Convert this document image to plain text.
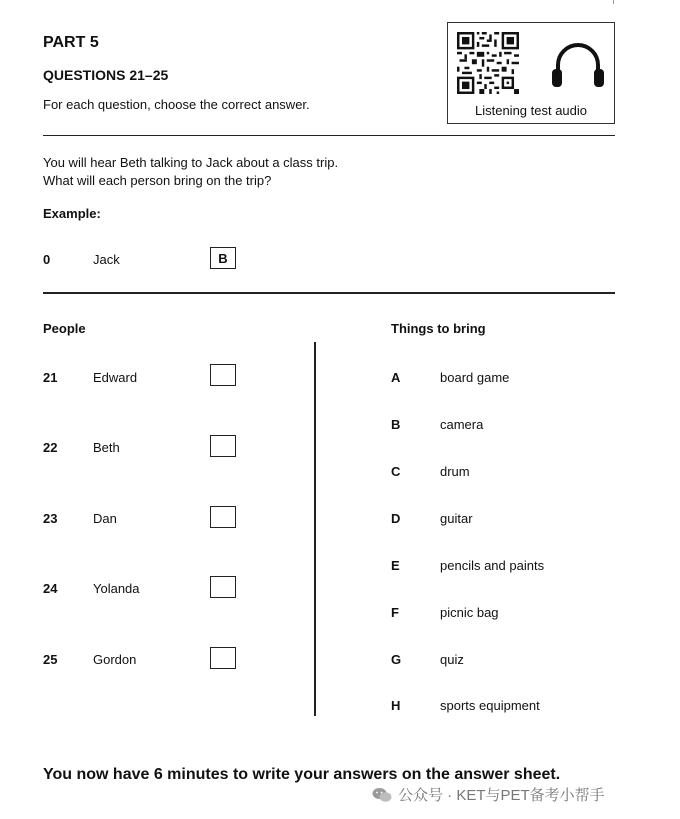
PART 5
QUESTIONS 21–25
For each question, choose the correct answer.	Listening test audio
You will hear Beth talking to Jack about a class trip.
What will each person bring on the trip?
Example:
0	Jack	B
People	Things to bring
21	Edward
22	Beth
23	Dan
24	Yolanda
25	Gordon
A	board game
B	camera
C	drum
D	guitar
E	pencils and paints
F	picnic bag
G	quiz
H	sports equipment
You now have 6 minutes to write your answers on the answer sheet.
公众号 · KET与PET备考小帮手
